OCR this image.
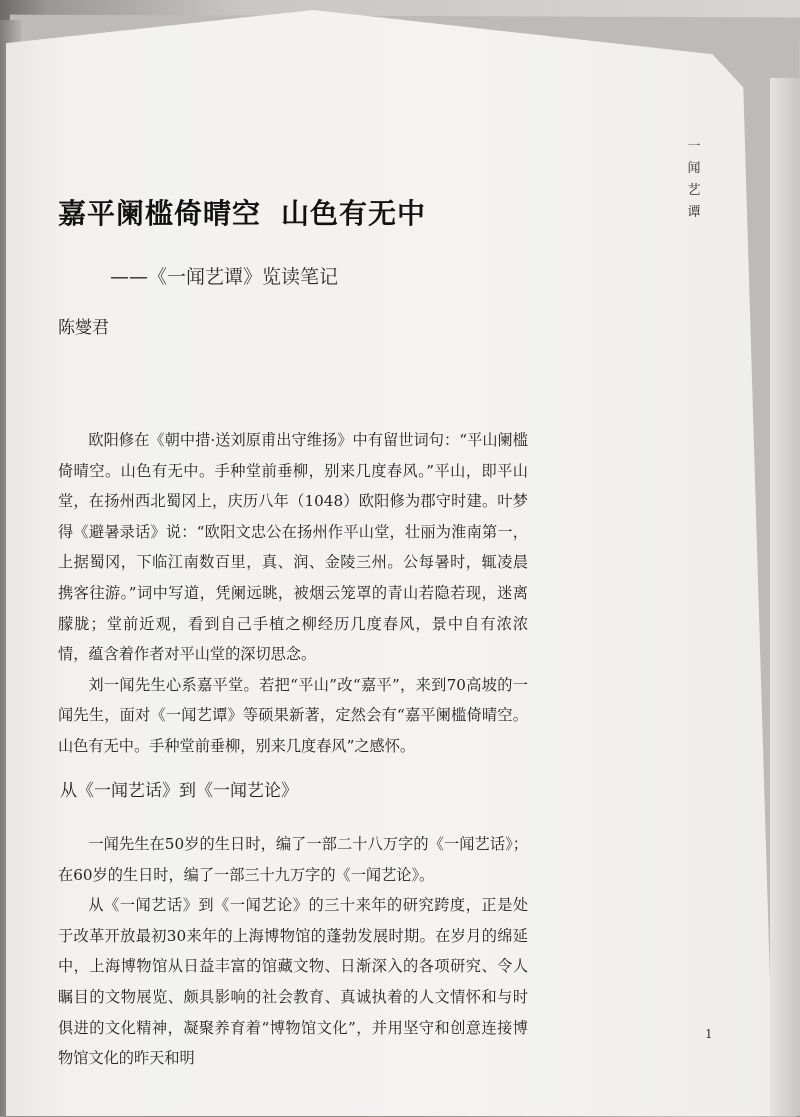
一
闻
艺
谭
嘉平阑槛倚晴空 山色有无中
——《一闻艺谭》览读笔记
陈燮君

欧阳修在《朝中措·送刘原甫出守维扬》中有留世词句：“平山阑槛倚晴空。山色有无中。手种堂前垂柳，别来几度春风。”平山，即平山堂，在扬州西北蜀冈上，庆历八年（1048）欧阳修为郡守时建。叶梦得《避暑录话》说：“欧阳文忠公在扬州作平山堂，壮丽为淮南第一，上据蜀冈，下临江南数百里，真、润、金陵三州。公每暑时，辄凌晨携客往游。”词中写道，凭阑远眺，被烟云笼罩的青山若隐若现，迷离朦胧；堂前近观，看到自己手植之柳经历几度春风，景中自有浓浓情，蕴含着作者对平山堂的深切思念。

刘一闻先生心系嘉平堂。若把“平山”改“嘉平”，来到70高坡的一闻先生，面对《一闻艺谭》等硕果新著，定然会有“嘉平阑槛倚晴空。山色有无中。手种堂前垂柳，别来几度春风”之感怀。

从《一闻艺话》到《一闻艺论》

一闻先生在50岁的生日时，编了一部二十八万字的《一闻艺话》；在60岁的生日时，编了一部三十九万字的《一闻艺论》。

从《一闻艺话》到《一闻艺论》的三十来年的研究跨度，正是处于改革开放最初30来年的上海博物馆的蓬勃发展时期。在岁月的绵延中，上海博物馆从日益丰富的馆藏文物、日渐深入的各项研究、令人瞩目的文物展览、颇具影响的社会教育、真诚执着的人文情怀和与时俱进的文化精神，凝聚养育着“博物馆文化”，并用坚守和创意连接博物馆文化的昨天和明

1
